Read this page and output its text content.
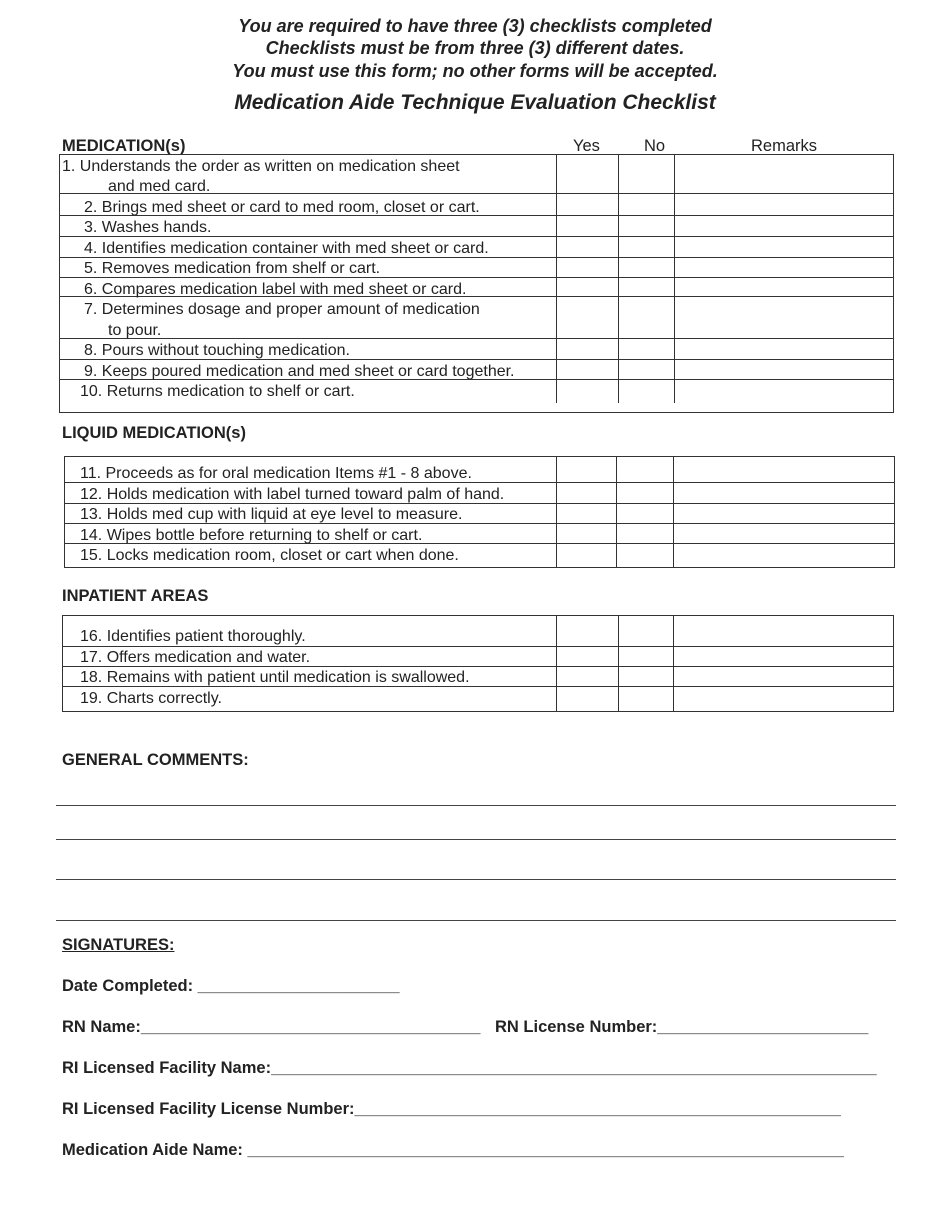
You are required to have three (3) checklists completed
Checklists must be from three (3) different dates.
You must use this form; no other forms will be accepted.
Medication Aide Technique Evaluation Checklist
MEDICATION(s)	Yes	No	Remarks
1. Understands the order as written on medication sheet
and med card.
2. Brings med sheet or card to med room, closet or cart.
3. Washes hands.
4. Identifies medication container with med sheet or card.
5. Removes medication from shelf or cart.
6. Compares medication label with med sheet or card.
7. Determines dosage and proper amount of medication
to pour.
8. Pours without touching medication.
9. Keeps poured medication and med sheet or card together.
10. Returns medication to shelf or cart.
LIQUID MEDICATION(s)
11. Proceeds as for oral medication Items #1 - 8 above.
12. Holds medication with label turned toward palm of hand.
13. Holds med cup with liquid at eye level to measure.
14. Wipes bottle before returning to shelf or cart.
15. Locks medication room, closet or cart when done.
INPATIENT AREAS
16. Identifies patient thoroughly.
17. Offers medication and water.
18. Remains with patient until medication is swallowed.
19. Charts correctly.
GENERAL COMMENTS:
SIGNATURES:
Date Completed: ______________________
RN Name:_____________________________________ RN License Number:_______________________
RI Licensed Facility Name:__________________________________________________________________
RI Licensed Facility License Number:_____________________________________________________
Medication Aide Name: _________________________________________________________________
